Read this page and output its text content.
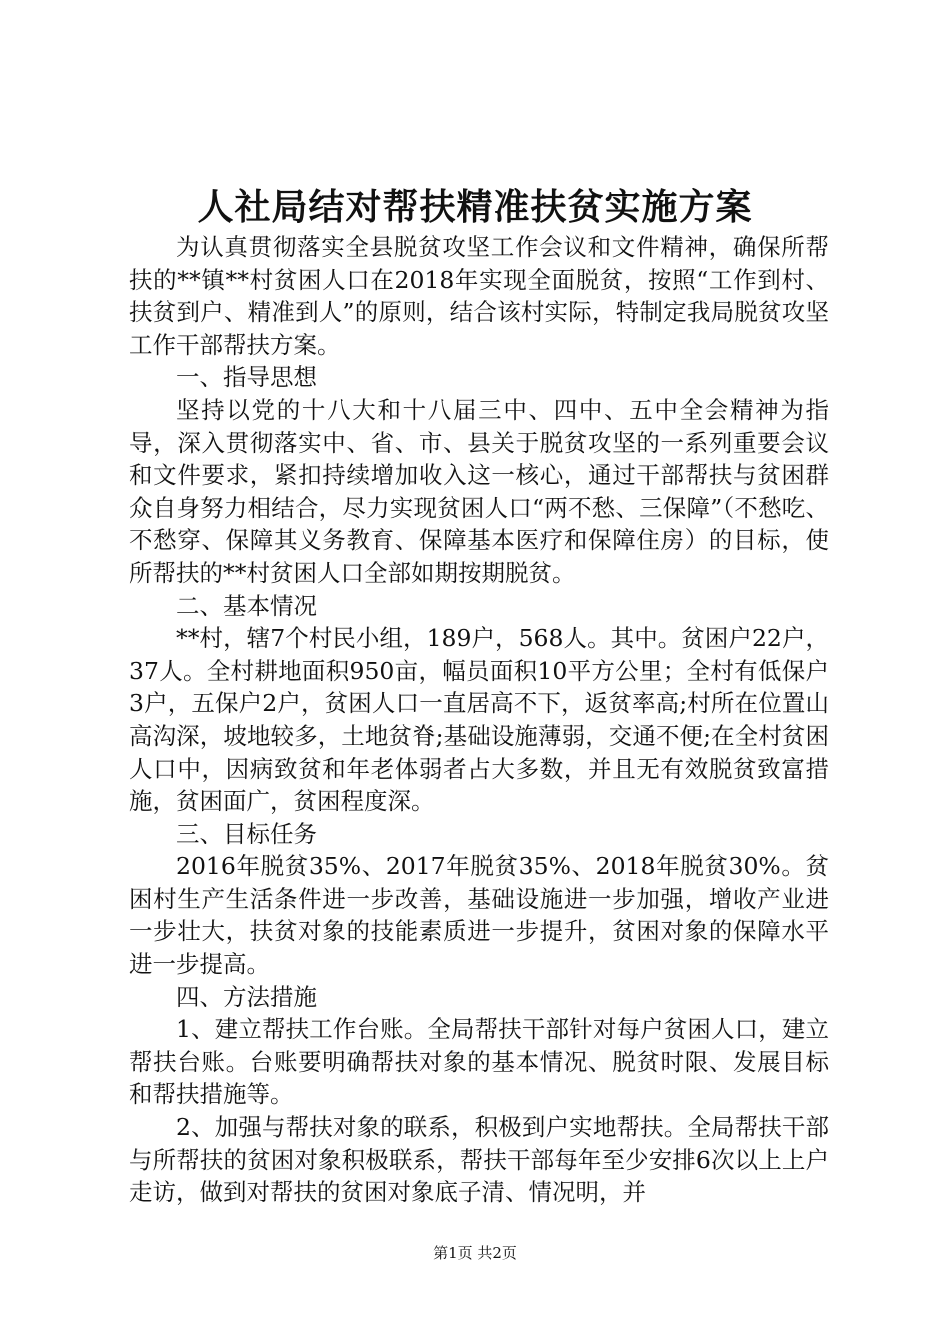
人社局结对帮扶精准扶贫实施方案

为认真贯彻落实全县脱贫攻坚工作会议和文件精神，确保所帮扶的**镇**村贫困人口在2018年实现全面脱贫，按照“工作到村、扶贫到户、精准到人”的原则，结合该村实际，特制定我局脱贫攻坚工作干部帮扶方案。

一、指导思想

坚持以党的十八大和十八届三中、四中、五中全会精神为指导，深入贯彻落实中、省、市、县关于脱贫攻坚的一系列重要会议和文件要求，紧扣持续增加收入这一核心，通过干部帮扶与贫困群众自身努力相结合，尽力实现贫困人口“两不愁、三保障”（不愁吃、不愁穿、保障其义务教育、保障基本医疗和保障住房）的目标，使所帮扶的**村贫困人口全部如期按期脱贫。

二、基本情况

**村，辖7个村民小组，189户，568人。其中。贫困户22户，37人。全村耕地面积950亩，幅员面积10平方公里；全村有低保户3户，五保户2户，贫困人口一直居高不下，返贫率高;村所在位置山高沟深，坡地较多，土地贫脊;基础设施薄弱，交通不便;在全村贫困人口中，因病致贫和年老体弱者占大多数，并且无有效脱贫致富措施，贫困面广，贫困程度深。

三、目标任务

2016年脱贫35%、2017年脱贫35%、2018年脱贫30%。贫困村生产生活条件进一步改善，基础设施进一步加强，增收产业进一步壮大，扶贫对象的技能素质进一步提升，贫困对象的保障水平进一步提高。

四、方法措施

1、建立帮扶工作台账。全局帮扶干部针对每户贫困人口，建立帮扶台账。台账要明确帮扶对象的基本情况、脱贫时限、发展目标和帮扶措施等。

2、加强与帮扶对象的联系，积极到户实地帮扶。全局帮扶干部与所帮扶的贫困对象积极联系，帮扶干部每年至少安排6次以上上户走访，做到对帮扶的贫困对象底子清、情况明，并

第1页 共2页
